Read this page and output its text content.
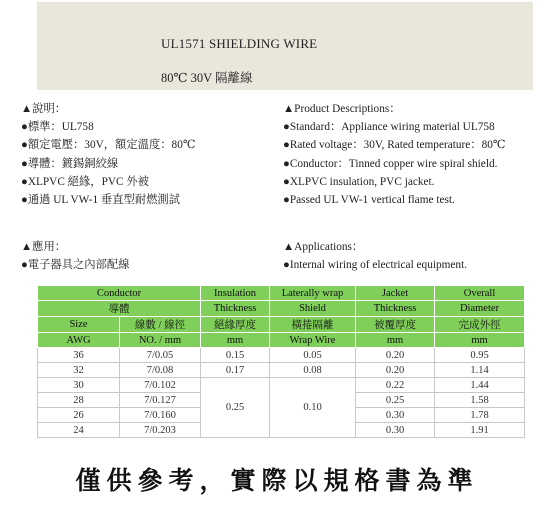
UL1571 SHIELDING WIRE
80℃ 30V 隔離線
▲說明：
●標準：UL758
●額定電壓：30V，額定溫度：80℃
●導體：鍍錫銅絞線
●XLPVC 絕緣，PVC 外被
●通過 UL VW-1 垂直型耐燃測試
▲Product Descriptions：
●Standard：Appliance wiring material UL758
●Rated voltage：30V, Rated temperature：80℃
●Conductor：Tinned copper wire spiral shield.
●XLPVC insulation, PVC jacket.
●Passed UL VW-1 vertical flame test.
▲應用：
●電子器具之內部配線
▲Applications：
●Internal wiring of electrical equipment.
Conductor		Insulation	Laterally wrap	Jacket	Overall
導體		Thickness	Shield	Thickness	Diameter
Size	線數 / 線徑	絕緣厚度	橫捲隔離	被覆厚度	完成外徑
AWG	NO. / mm	mm	Wrap Wire	mm	mm
36	7/0.05	0.15	0.05	0.20	0.95
32	7/0.08	0.17	0.08	0.20	1.14
30	7/0.102	0.25	0.10	0.22	1.44
28	7/0.127			0.25	1.58
26	7/0.160			0.30	1.78
24	7/0.203			0.30	1.91
僅供參考，實際以規格書為準
